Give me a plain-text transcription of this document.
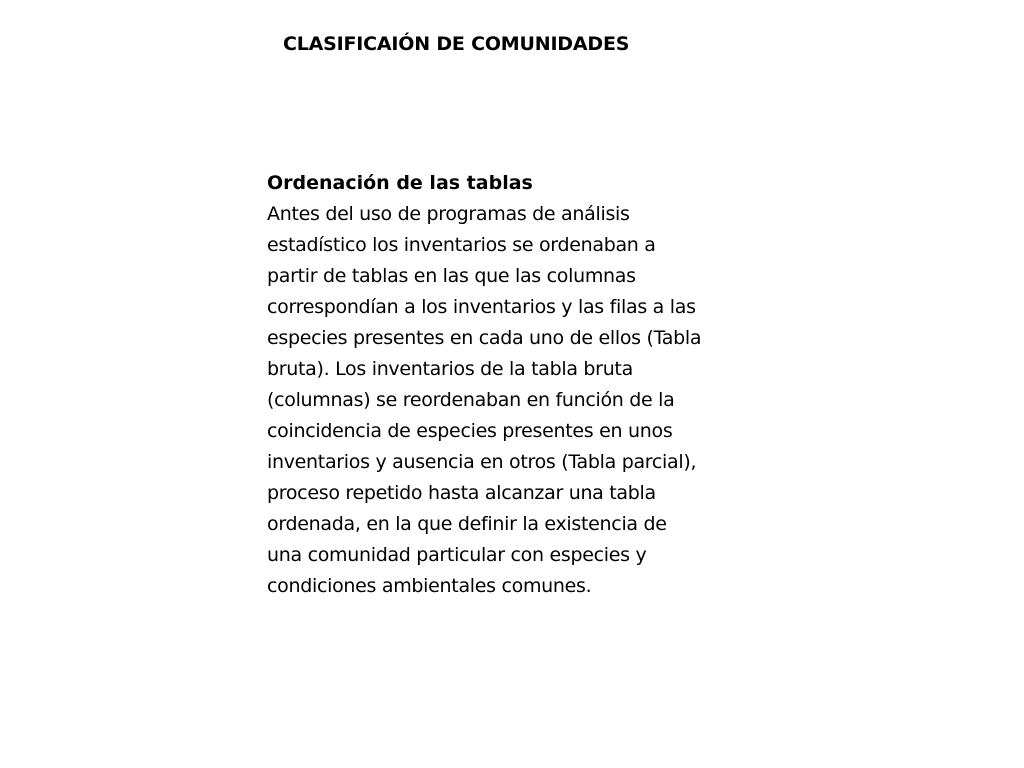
CLASIFICAIÓN DE COMUNIDADES

Ordenación de las tablas

Antes del uso de programas de análisis

estadístico los inventarios se ordenaban a

partir de tablas en las que las columnas

correspondían a los inventarios y las filas a las

especies presentes en cada uno de ellos (Tabla

bruta). Los inventarios de la tabla bruta

(columnas) se reordenaban en función de la

coincidencia de especies presentes en unos

inventarios y ausencia en otros (Tabla parcial),

proceso repetido hasta alcanzar una tabla

ordenada, en la que definir la existencia de

una comunidad particular con especies y

condiciones ambientales comunes.
